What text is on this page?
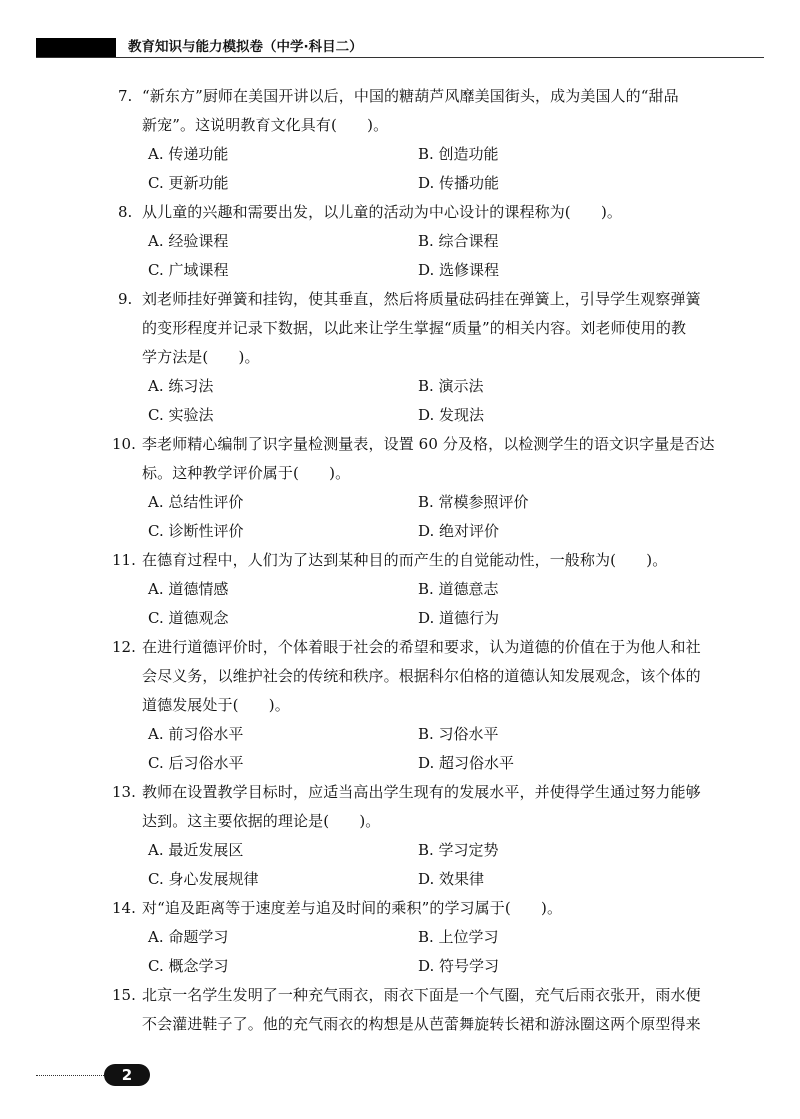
教育知识与能力模拟卷（中学·科目二）
7. “新东方”厨师在美国开讲以后，中国的糖葫芦风靡美国街头，成为美国人的“甜品
新宠”。这说明教育文化具有(　　)。
A. 传递功能	B. 创造功能
C. 更新功能	D. 传播功能
8. 从儿童的兴趣和需要出发，以儿童的活动为中心设计的课程称为(　　)。
A. 经验课程	B. 综合课程
C. 广域课程	D. 选修课程
9. 刘老师挂好弹簧和挂钩，使其垂直，然后将质量砝码挂在弹簧上，引导学生观察弹簧
的变形程度并记录下数据，以此来让学生掌握“质量”的相关内容。刘老师使用的教
学方法是(　　)。
A. 练习法	B. 演示法
C. 实验法	D. 发现法
10. 李老师精心编制了识字量检测量表，设置 60 分及格，以检测学生的语文识字量是否达
标。这种教学评价属于(　　)。
A. 总结性评价	B. 常模参照评价
C. 诊断性评价	D. 绝对评价
11. 在德育过程中，人们为了达到某种目的而产生的自觉能动性，一般称为(　　)。
A. 道德情感	B. 道德意志
C. 道德观念	D. 道德行为
12. 在进行道德评价时，个体着眼于社会的希望和要求，认为道德的价值在于为他人和社
会尽义务，以维护社会的传统和秩序。根据科尔伯格的道德认知发展观念，该个体的
道德发展处于(　　)。
A. 前习俗水平	B. 习俗水平
C. 后习俗水平	D. 超习俗水平
13. 教师在设置教学目标时，应适当高出学生现有的发展水平，并使得学生通过努力能够
达到。这主要依据的理论是(　　)。
A. 最近发展区	B. 学习定势
C. 身心发展规律	D. 效果律
14. 对“追及距离等于速度差与追及时间的乘积”的学习属于(　　)。
A. 命题学习	B. 上位学习
C. 概念学习	D. 符号学习
15. 北京一名学生发明了一种充气雨衣，雨衣下面是一个气圈，充气后雨衣张开，雨水便
不会灌进鞋子了。他的充气雨衣的构想是从芭蕾舞旋转长裙和游泳圈这两个原型得来
2
